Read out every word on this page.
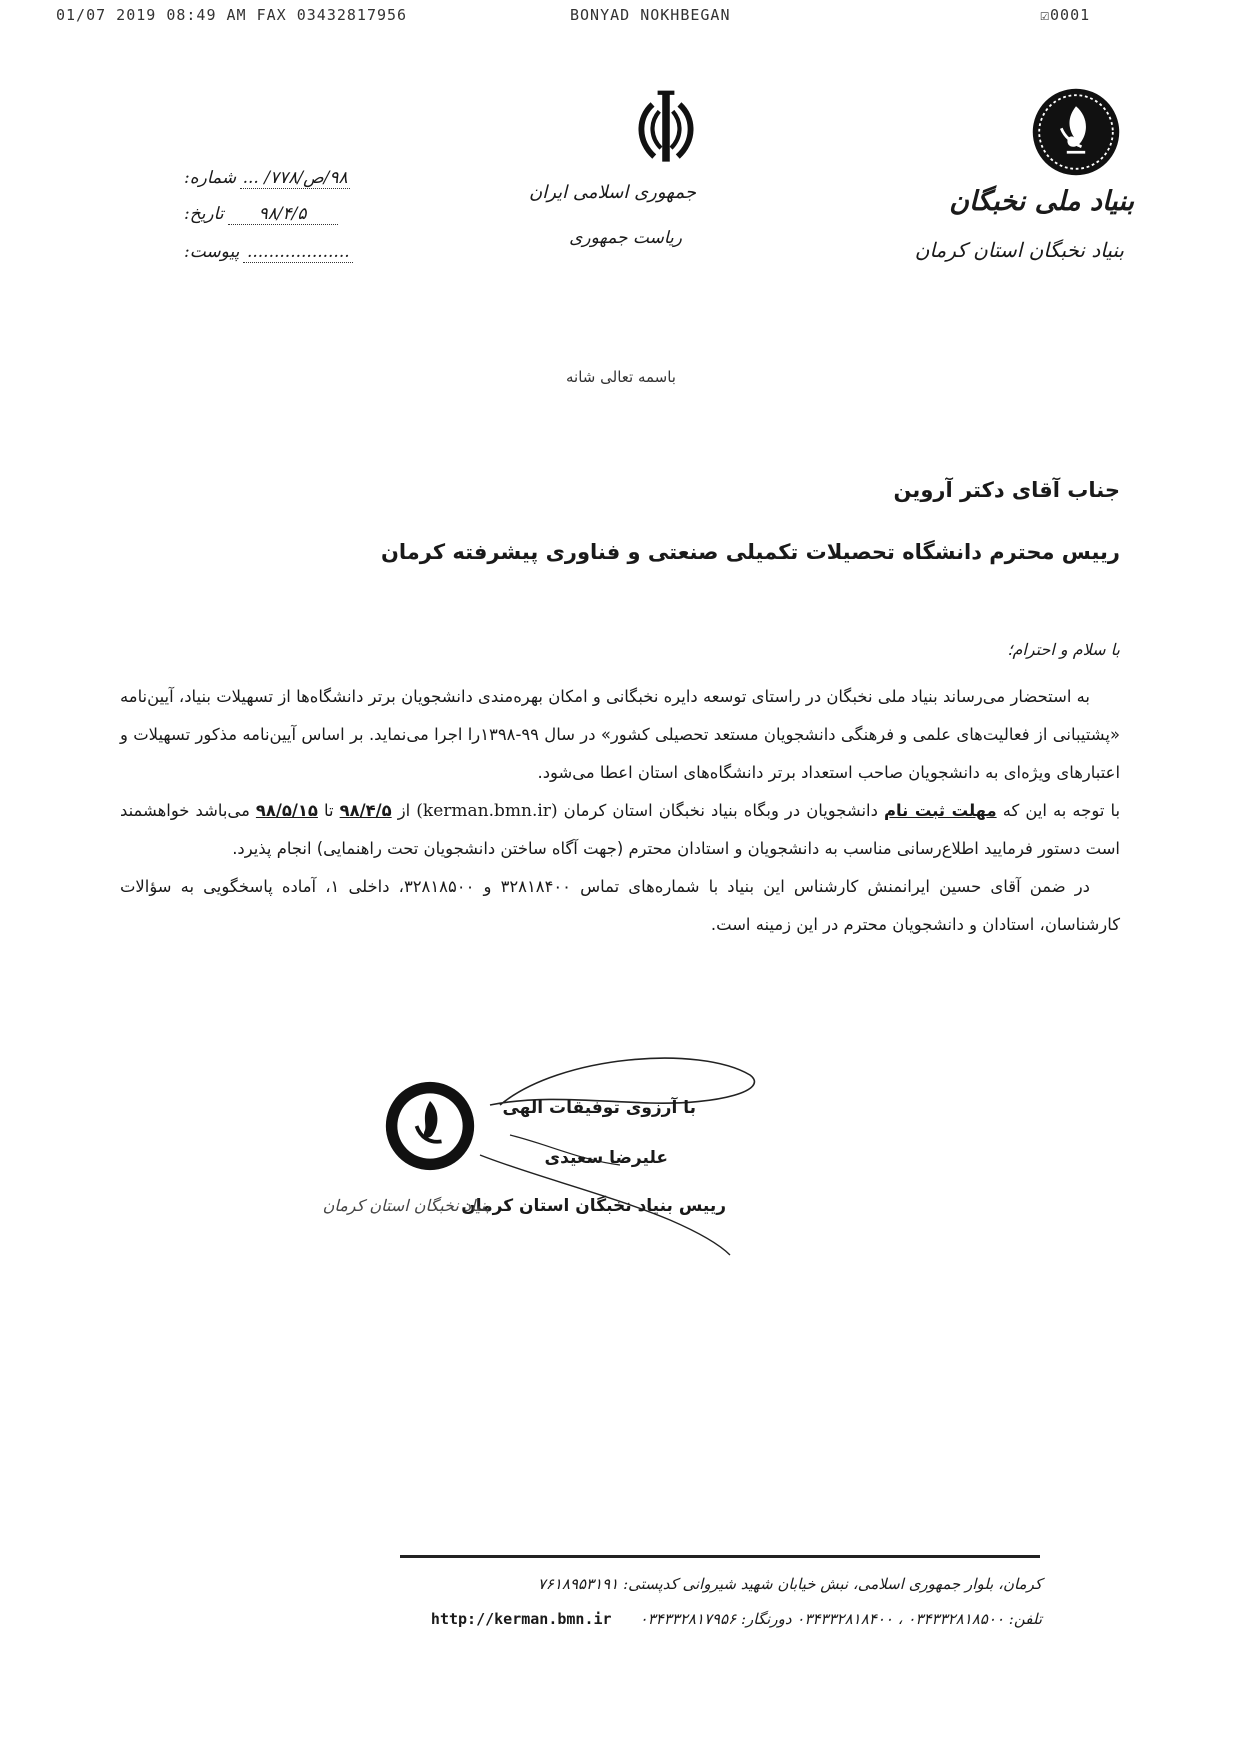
01/07 2019 08:49 AM FAX 03432817956	BONYAD NOKHBEGAN	☑0001
بنیاد ملی نخبگان
بنیاد نخبگان استان کرمان
جمهوری اسلامی ایران
ریاست جمهوری
شماره: ۹۸/ص/۷۷۸/ ...
تاریخ:	۹۸/۴/۵
پیوست: ...................
باسمه تعالی شانه
جناب آقای دکتر آروین
رییس محترم دانشگاه تحصیلات تکمیلی صنعتی و فناوری پیشرفته کرمان
با سلام و احترام؛

به استحضار می‌رساند بنیاد ملی نخبگان در راستای توسعه دایره نخبگانی و امکان بهره‌مندی دانشجویان برتر دانشگاه‌ها از تسهیلات بنیاد، آیین‌نامه «پشتیبانی از فعالیت‌های علمی و فرهنگی دانشجویان مستعد تحصیلی کشور» در سال ۹۹-۱۳۹۸را اجرا می‌نماید. بر اساس آیین‌نامه مذکور تسهیلات و اعتبارهای ویژه‌ای به دانشجویان صاحب استعداد برتر دانشگاه‌های استان اعطا می‌شود.

با توجه به این که مهلت ثبت نام دانشجویان در وبگاه بنیاد نخبگان استان کرمان (kerman.bmn.ir) از ۹۸/۴/۵ تا ۹۸/۵/۱۵ می‌باشد خواهشمند است دستور فرمایید اطلاع‌رسانی مناسب به دانشجویان و استادان محترم (جهت آگاه ساختن دانشجویان تحت راهنمایی) انجام پذیرد.

در ضمن آقای حسین ایرانمنش کارشناس این بنیاد با شماره‌های تماس ۳۲۸۱۸۴۰۰ و ۳۲۸۱۸۵۰۰، داخلی ۱، آماده پاسخگویی به سؤالات کارشناسان، استادان و دانشجویان محترم در این زمینه است.

با آرزوی توفیقات الهی
علیرضا سعیدی
رییس بنیاد نخبگان استان کرمان
بنیاد نخبگان استان کرمان
کرمان، بلوار جمهوری اسلامی، نبش خیابان شهید شیروانی کدپستی: ۷۶۱۸۹۵۳۱۹۱
تلفن: ۰۳۴۳۳۲۸۱۸۵۰۰ ، ۰۳۴۳۳۲۸۱۸۴۰۰ دورنگار: ۰۳۴۳۳۲۸۱۷۹۵۶
http://kerman.bmn.ir
